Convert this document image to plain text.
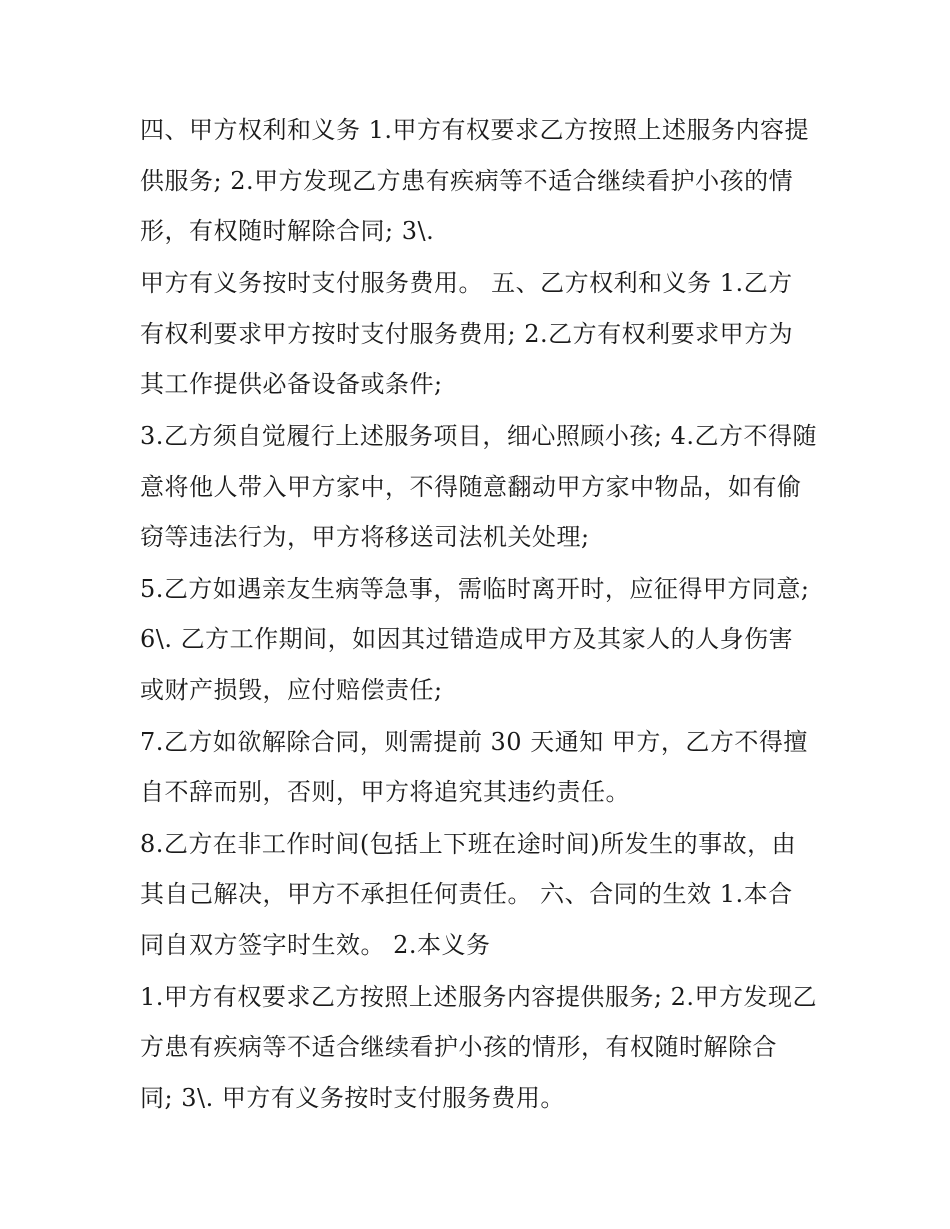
四、甲方权利和义务 1.甲方有权要求乙方按照上述服务内容提
供服务; 2.甲方发现乙方患有疾病等不适合继续看护小孩的情
形，有权随时解除合同; 3\.
甲方有义务按时支付服务费用。 五、乙方权利和义务 1.乙方
有权利要求甲方按时支付服务费用; 2.乙方有权利要求甲方为
其工作提供必备设备或条件;
3.乙方须自觉履行上述服务项目，细心照顾小孩; 4.乙方不得随
意将他人带入甲方家中，不得随意翻动甲方家中物品，如有偷
窃等违法行为，甲方将移送司法机关处理;
5.乙方如遇亲友生病等急事，需临时离开时，应征得甲方同意;
6\. 乙方工作期间，如因其过错造成甲方及其家人的人身伤害
或财产损毁，应付赔偿责任;
7.乙方如欲解除合同，则需提前 30 天通知 甲方，乙方不得擅
自不辞而别，否则，甲方将追究其违约责任。
8.乙方在非工作时间(包括上下班在途时间)所发生的事故，由
其自己解决，甲方不承担任何责任。 六、合同的生效 1.本合
同自双方签字时生效。 2.本义务
1.甲方有权要求乙方按照上述服务内容提供服务; 2.甲方发现乙
方患有疾病等不适合继续看护小孩的情形，有权随时解除合
同; 3\. 甲方有义务按时支付服务费用。
